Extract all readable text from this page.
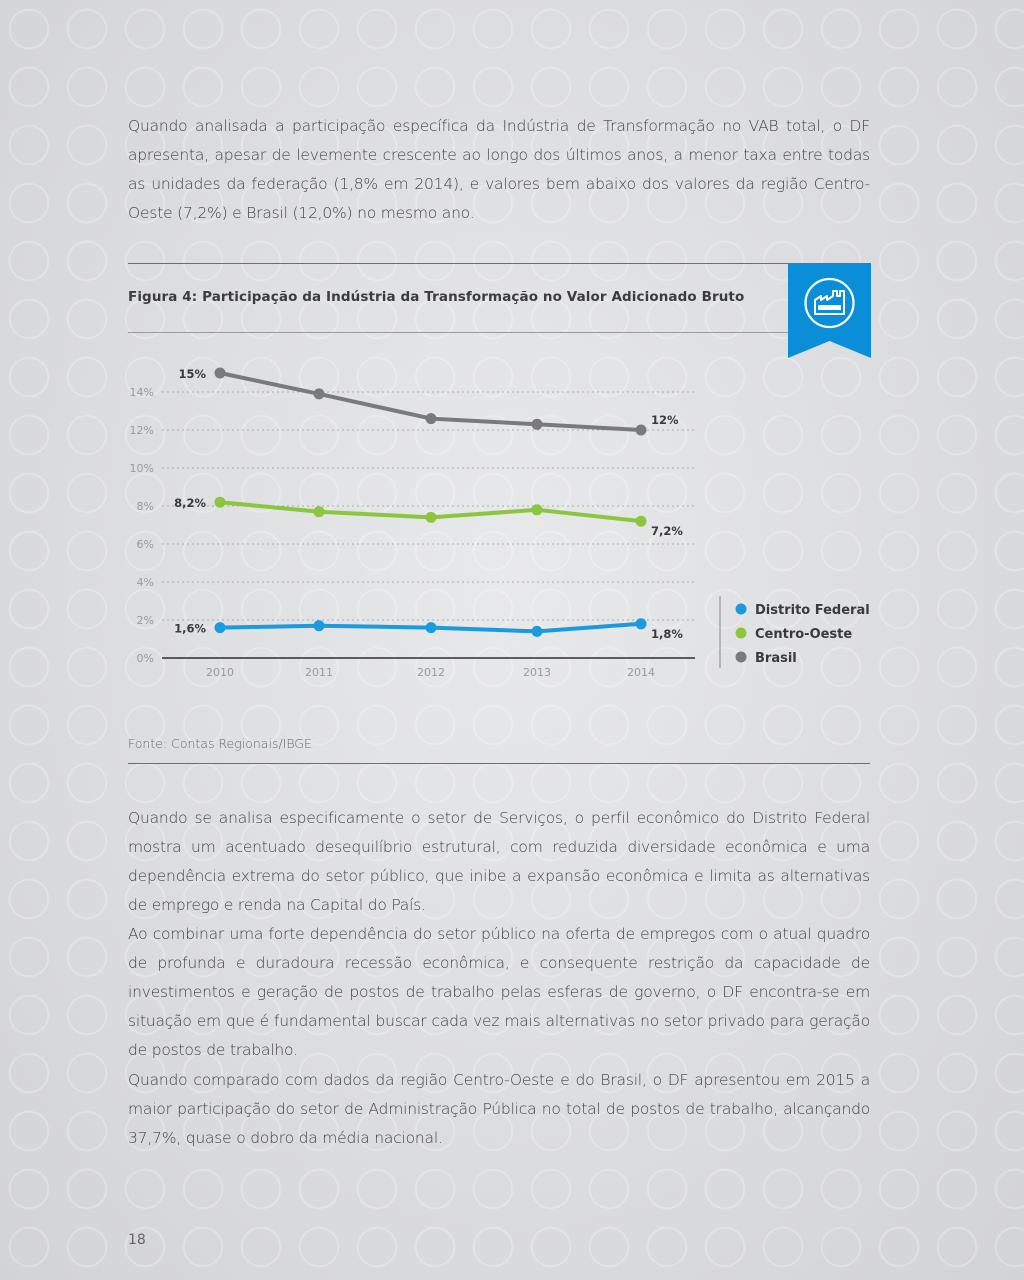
Quando analisada a participação específica da Indústria de Transformação no VAB total, o DF apresenta, apesar de levemente crescente ao longo dos últimos anos, a menor taxa entre todas as unidades da federação (1,8% em 2014), e valores bem abaixo dos valores da região Centro-Oeste (7,2%) e Brasil (12,0%) no mesmo ano.
Figura 4: Participação da Indústria da Transformação no Valor Adicionado Bruto
0%
2%
4%
6%
8%
10%
12%
14%
2010	2011	2012	2013	2014
1,6%	1,8%
8,2%
7,2%
15%
12%
Distrito Federal
Centro-Oeste
Brasil
Fonte: Contas Regionais/IBGE
Quando se analisa especificamente o setor de Serviços, o perfil econômico do Distrito Federal mostra um acentuado desequilíbrio estrutural, com reduzida diversidade econômica e uma dependência extrema do setor público, que inibe a expansão econômica e limita as alternativas de emprego e renda na Capital do País.
Ao combinar uma forte dependência do setor público na oferta de empregos com o atual quadro de profunda e duradoura recessão econômica, e consequente restrição da capacidade de investimentos e geração de postos de trabalho pelas esferas de governo, o DF encontra-se em situação em que é fundamental buscar cada vez mais alternativas no setor privado para geração de postos de trabalho.
Quando comparado com dados da região Centro-Oeste e do Brasil, o DF apresentou em 2015 a maior participação do setor de Administração Pública no total de postos de trabalho, alcançando 37,7%, quase o dobro da média nacional.
18
